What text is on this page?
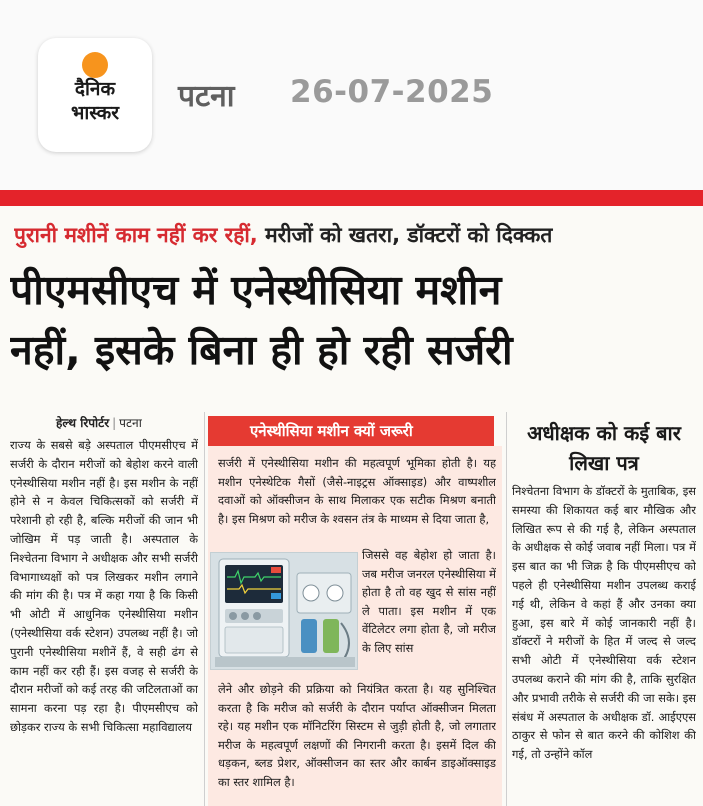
दैनिक
भास्कर	पटना 26-07-2025
पुरानी मशीनें काम नहीं कर रहीं, मरीजों को खतरा, डॉक्टरों को दिक्कत
पीएमसीएच में एनेस्थीसिया मशीन
नहीं, इसके बिना ही हो रही सर्जरी
हेल्थ रिपोर्टर | पटना
राज्य के सबसे बड़े अस्पताल पीएमसीएच में सर्जरी के दौरान मरीजों को बेहोश करने वाली एनेस्थीसिया मशीन नहीं है। इस मशीन के नहीं होने से न केवल चिकित्सकों को सर्जरी में परेशानी हो रही है, बल्कि मरीजों की जान भी जोखिम में पड़ जाती है। अस्पताल के निश्चेतना विभाग ने अधीक्षक और सभी सर्जरी विभागाध्यक्षों को पत्र लिखकर मशीन लगाने की मांग की है। पत्र में कहा गया है कि किसी भी ओटी में आधुनिक एनेस्थीसिया मशीन (एनेस्थीसिया वर्क स्टेशन) उपलब्ध नहीं है। जो पुरानी एनेस्थीसिया मशीनें हैं, वे सही ढंग से काम नहीं कर रही हैं। इस वजह से सर्जरी के दौरान मरीजों को कई तरह की जटिलताओं का सामना करना पड़ रहा है। पीएमसीएच को छोड़कर राज्य के सभी चिकित्सा महाविद्यालय
एनेस्थीसिया मशीन क्यों जरूरी
सर्जरी में एनेस्थीसिया मशीन की महत्वपूर्ण भूमिका होती है। यह मशीन एनेस्थेटिक गैसों (जैसे-नाइट्रस ऑक्साइड) और वाष्पशील दवाओं को ऑक्सीजन के साथ मिलाकर एक सटीक मिश्रण बनाती है। इस मिश्रण को मरीज के श्वसन तंत्र के माध्यम से दिया जाता है,
जिससे वह बेहोश हो जाता है। जब मरीज जनरल एनेस्थीसिया में होता है तो वह खुद से सांस नहीं ले पाता। इस मशीन में एक वेंटिलेटर लगा होता है, जो मरीज के लिए सांस
लेने और छोड़ने की प्रक्रिया को नियंत्रित करता है। यह सुनिश्चित करता है कि मरीज को सर्जरी के दौरान पर्याप्त ऑक्सीजन मिलता रहे। यह मशीन एक मॉनिटरिंग सिस्टम से जुड़ी होती है, जो लगातार मरीज के महत्वपूर्ण लक्षणों की निगरानी करता है। इसमें दिल की धड़कन, ब्लड प्रेशर, ऑक्सीजन का स्तर और कार्बन डाइऑक्साइड का स्तर शामिल है।
अधीक्षक को कई बार लिखा पत्र
निश्चेतना विभाग के डॉक्टरों के मुताबिक, इस समस्या की शिकायत कई बार मौखिक और लिखित रूप से की गई है, लेकिन अस्पताल के अधीक्षक से कोई जवाब नहीं मिला। पत्र में इस बात का भी जिक्र है कि पीएमसीएच को पहले ही एनेस्थीसिया मशीन उपलब्ध कराई गई थी, लेकिन वे कहां हैं और उनका क्या हुआ, इस बारे में कोई जानकारी नहीं है। डॉक्टरों ने मरीजों के हित में जल्द से जल्द सभी ओटी में एनेस्थीसिया वर्क स्टेशन उपलब्ध कराने की मांग की है, ताकि सुरक्षित और प्रभावी तरीके से सर्जरी की जा सके। इस संबंध में अस्पताल के अधीक्षक डॉ. आईएएस ठाकुर से फोन से बात करने की कोशिश की गई, तो उन्होंने कॉल
